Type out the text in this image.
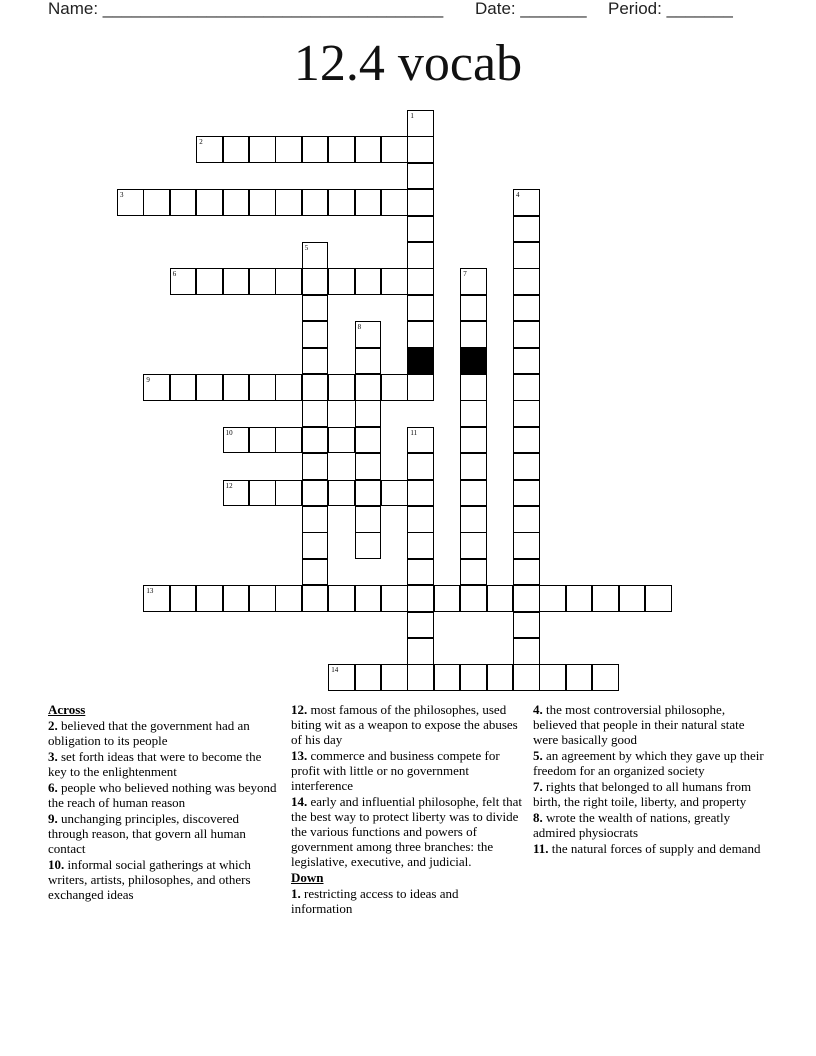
Name: ____________________________________ Date: _______ Period: _______
12.4 vocab
1
2
3	4
5
6	7
8
9
10	11
12
13
14
Across
2. believed that the government had an obligation to its people
3. set forth ideas that were to become the key to the enlightenment
6. people who believed nothing was beyond the reach of human reason
9. unchanging principles, discovered through reason, that govern all human contact
10. informal social gatherings at which writers, artists, philosophes, and others exchanged ideas
12. most famous of the philosophes, used biting wit as a weapon to expose the abuses of his day
13. commerce and business compete for profit with little or no government interference
14. early and influential philosophe, felt that the best way to protect liberty was to divide the various functions and powers of government among three branches: the legislative, executive, and judicial.
Down
1. restricting access to ideas and information
4. the most controversial philosophe, believed that people in their natural state were basically good
5. an agreement by which they gave up their freedom for an organized society
7. rights that belonged to all humans from birth, the right toile, liberty, and property
8. wrote the wealth of nations, greatly admired physiocrats
11. the natural forces of supply and demand
